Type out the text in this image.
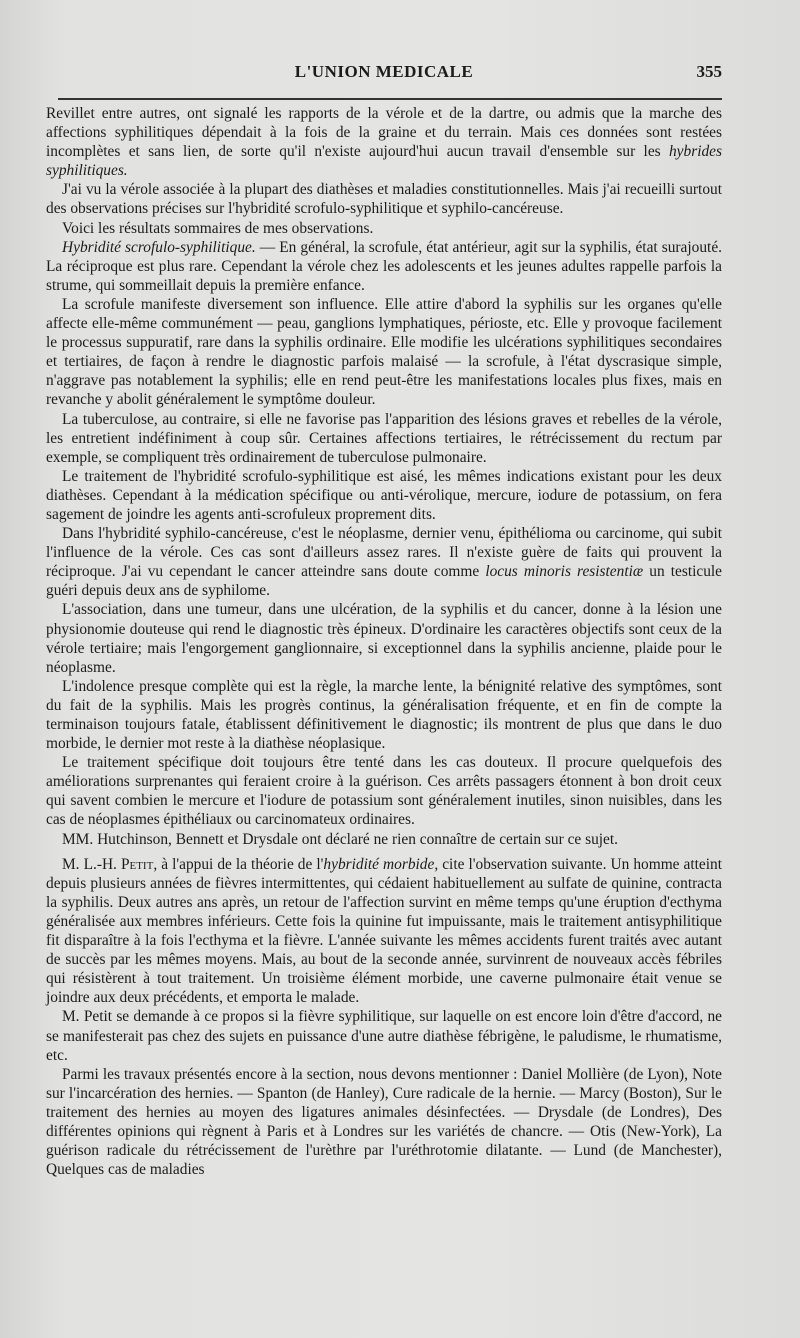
L'UNION MEDICALE	355

Revillet entre autres, ont signalé les rapports de la vérole et de la dartre, ou admis que la marche des affections syphilitiques dépendait à la fois de la graine et du terrain. Mais ces données sont restées incomplètes et sans lien, de sorte qu'il n'existe aujourd'hui aucun travail d'ensemble sur les hybrides syphilitiques.

J'ai vu la vérole associée à la plupart des diathèses et maladies constitutionnelles. Mais j'ai recueilli surtout des observations précises sur l'hybridité scrofulo-syphilitique et syphilo-cancéreuse.

Voici les résultats sommaires de mes observations.

Hybridité scrofulo-syphilitique. — En général, la scrofule, état antérieur, agit sur la syphilis, état surajouté. La réciproque est plus rare. Cependant la vérole chez les adolescents et les jeunes adultes rappelle parfois la strume, qui sommeillait depuis la première enfance.

La scrofule manifeste diversement son influence. Elle attire d'abord la syphilis sur les organes qu'elle affecte elle-même communément — peau, ganglions lymphatiques, périoste, etc. Elle y provoque facilement le processus suppuratif, rare dans la syphilis ordinaire. Elle modifie les ulcérations syphilitiques secondaires et tertiaires, de façon à rendre le diagnostic parfois malaisé — la scrofule, à l'état dyscrasique simple, n'aggrave pas notablement la syphilis; elle en rend peut-être les manifestations locales plus fixes, mais en revanche y abolit généralement le symptôme douleur.

La tuberculose, au contraire, si elle ne favorise pas l'apparition des lésions graves et rebelles de la vérole, les entretient indéfiniment à coup sûr. Certaines affections tertiaires, le rétrécissement du rectum par exemple, se compliquent très ordinairement de tuberculose pulmonaire.

Le traitement de l'hybridité scrofulo-syphilitique est aisé, les mêmes indications existant pour les deux diathèses. Cependant à la médication spécifique ou anti-vérolique, mercure, iodure de potassium, on fera sagement de joindre les agents anti-scrofuleux proprement dits.

Dans l'hybridité syphilo-cancéreuse, c'est le néoplasme, dernier venu, épithélioma ou carcinome, qui subit l'influence de la vérole. Ces cas sont d'ailleurs assez rares. Il n'existe guère de faits qui prouvent la réciproque. J'ai vu cependant le cancer atteindre sans doute comme locus minoris resistentiæ un testicule guéri depuis deux ans de syphilome.

L'association, dans une tumeur, dans une ulcération, de la syphilis et du cancer, donne à la lésion une physionomie douteuse qui rend le diagnostic très épineux. D'ordinaire les caractères objectifs sont ceux de la vérole tertiaire; mais l'engorgement ganglionnaire, si exceptionnel dans la syphilis ancienne, plaide pour le néoplasme.

L'indolence presque complète qui est la règle, la marche lente, la bénignité relative des symptômes, sont du fait de la syphilis. Mais les progrès continus, la généralisation fréquente, et en fin de compte la terminaison toujours fatale, établissent définitivement le diagnostic; ils montrent de plus que dans le duo morbide, le dernier mot reste à la diathèse néoplasique.

Le traitement spécifique doit toujours être tenté dans les cas douteux. Il procure quelquefois des améliorations surprenantes qui feraient croire à la guérison. Ces arrêts passagers étonnent à bon droit ceux qui savent combien le mercure et l'iodure de potassium sont généralement inutiles, sinon nuisibles, dans les cas de néoplasmes épithéliaux ou carcinomateux ordinaires.

MM. Hutchinson, Bennett et Drysdale ont déclaré ne rien connaître de certain sur ce sujet.

M. L.-H. Petit, à l'appui de la théorie de l'hybridité morbide, cite l'observation suivante. Un homme atteint depuis plusieurs années de fièvres intermittentes, qui cédaient habituellement au sulfate de quinine, contracta la syphilis. Deux autres ans après, un retour de l'affection survint en même temps qu'une éruption d'ecthyma généralisée aux membres inférieurs. Cette fois la quinine fut impuissante, mais le traitement antisyphilitique fit disparaître à la fois l'ecthyma et la fièvre. L'année suivante les mêmes accidents furent traités avec autant de succès par les mêmes moyens. Mais, au bout de la seconde année, survinrent de nouveaux accès fébriles qui résistèrent à tout traitement. Un troisième élément morbide, une caverne pulmonaire était venue se joindre aux deux précédents, et emporta le malade.

M. Petit se demande à ce propos si la fièvre syphilitique, sur laquelle on est encore loin d'être d'accord, ne se manifesterait pas chez des sujets en puissance d'une autre diathèse fébrigène, le paludisme, le rhumatisme, etc.

Parmi les travaux présentés encore à la section, nous devons mentionner : Daniel Mollière (de Lyon), Note sur l'incarcération des hernies. — Spanton (de Hanley), Cure radicale de la hernie. — Marcy (Boston), Sur le traitement des hernies au moyen des ligatures animales désinfectées. — Drysdale (de Londres), Des différentes opinions qui règnent à Paris et à Londres sur les variétés de chancre. — Otis (New-York), La guérison radicale du rétrécissement de l'urèthre par l'uréthrotomie dilatante. — Lund (de Manchester), Quelques cas de maladies
